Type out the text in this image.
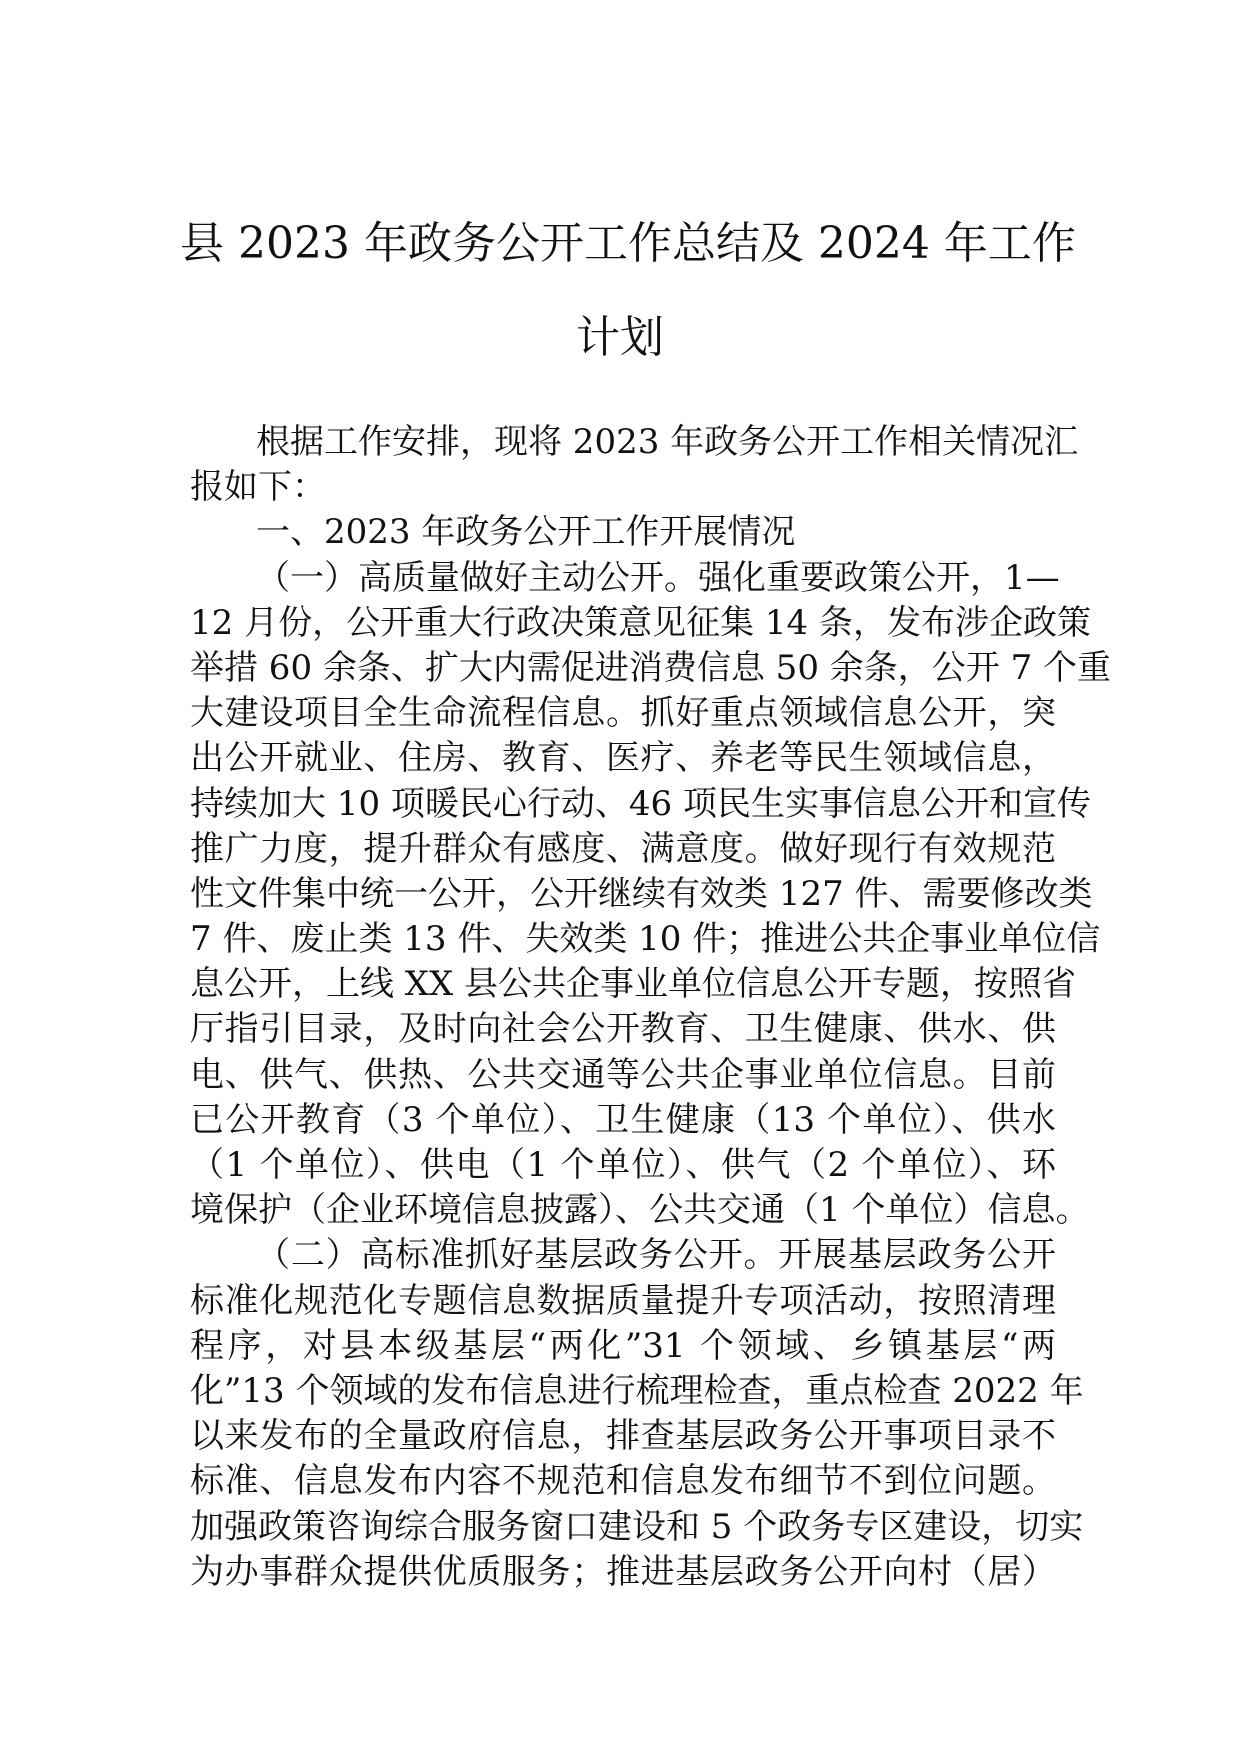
县 2023 年政务公开工作总结及 2024 年工作
计划
根据工作安排，现将 2023 年政务公开工作相关情况汇
报如下：
一、2023 年政务公开工作开展情况
（一）高质量做好主动公开。强化重要政策公开，1—
12 月份，公开重大行政决策意见征集 14 条，发布涉企政策
举措 60 余条、扩大内需促进消费信息 50 余条，公开 7 个重
大建设项目全生命流程信息。抓好重点领域信息公开，突
出公开就业、住房、教育、医疗、养老等民生领域信息，
持续加大 10 项暖民心行动、46 项民生实事信息公开和宣传
推广力度，提升群众有感度、满意度。做好现行有效规范
性文件集中统一公开，公开继续有效类 127 件、需要修改类
7 件、废止类 13 件、失效类 10 件；推进公共企事业单位信
息公开，上线 XX 县公共企事业单位信息公开专题，按照省
厅指引目录，及时向社会公开教育、卫生健康、供水、供
电、供气、供热、公共交通等公共企事业单位信息。目前
已公开教育（3 个单位）、卫生健康（13 个单位）、供水
（1 个单位）、供电（1 个单位）、供气（2 个单位）、环
境保护（企业环境信息披露）、公共交通（1 个单位）信息。
（二）高标准抓好基层政务公开。开展基层政务公开
标准化规范化专题信息数据质量提升专项活动，按照清理
程序，对县本级基层“两化”31 个领域、乡镇基层“两
化”13 个领域的发布信息进行梳理检查，重点检查 2022 年
以来发布的全量政府信息，排查基层政务公开事项目录不
标准、信息发布内容不规范和信息发布细节不到位问题。
加强政策咨询综合服务窗口建设和 5 个政务专区建设，切实
为办事群众提供优质服务；推进基层政务公开向村（居）
